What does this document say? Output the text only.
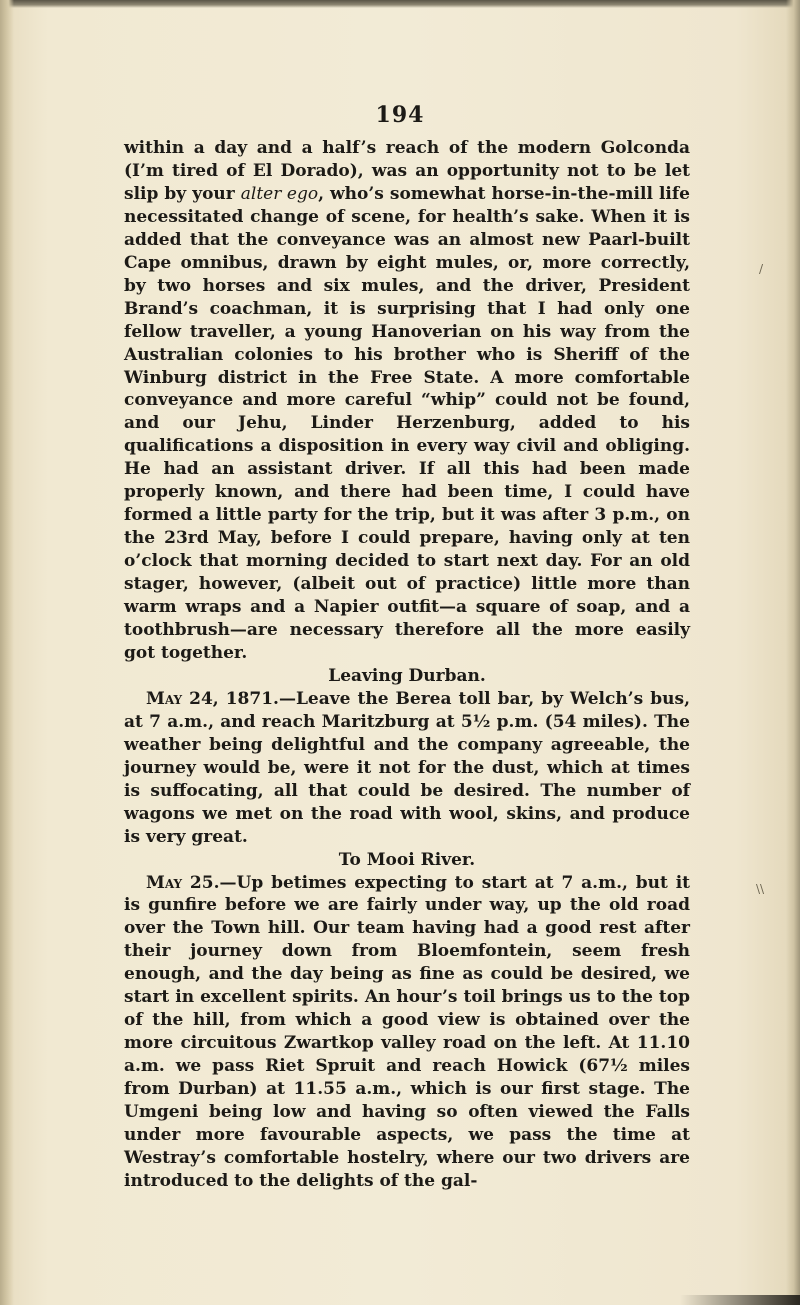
194

within a day and a half’s reach of the modern Golconda (I’m tired of El Dorado), was an opportunity not to be let slip by your alter ego, who’s somewhat horse-in-the-mill life necessitated change of scene, for health’s sake. When it is added that the conveyance was an almost new Paarl-built Cape omnibus, drawn by eight mules, or, more correctly, by two horses and six mules, and the driver, President Brand’s coachman, it is surprising that I had only one fellow traveller, a young Hanoverian on his way from the Australian colonies to his brother who is Sheriff of the Winburg district in the Free State. A more comfortable conveyance and more careful “whip” could not be found, and our Jehu, Linder Herzenburg, added to his qualifications a disposition in every way civil and obliging. He had an assistant driver. If all this had been made properly known, and there had been time, I could have formed a little party for the trip, but it was after 3 p.m., on the 23rd May, before I could prepare, having only at ten o’clock that morning decided to start next day. For an old stager, however, (albeit out of practice) little more than warm wraps and a Napier outfit—a square of soap, and a toothbrush—are necessary therefore all the more easily got together.

Leaving Durban.

May 24, 1871.—Leave the Berea toll bar, by Welch’s bus, at 7 a.m., and reach Maritzburg at 5½ p.m. (54 miles). The weather being delightful and the company agreeable, the journey would be, were it not for the dust, which at times is suffocating, all that could be desired. The number of wagons we met on the road with wool, skins, and produce is very great.

To Mooi River.

May 25.—Up betimes expecting to start at 7 a.m., but it is gunfire before we are fairly under way, up the old road over the Town hill. Our team having had a good rest after their journey down from Bloemfontein, seem fresh enough, and the day being as fine as could be desired, we start in excellent spirits. An hour’s toil brings us to the top of the hill, from which a good view is obtained over the more circuitous Zwartkop valley road on the left. At 11.10 a.m. we pass Riet Spruit and reach Howick (67½ miles from Durban) at 11.55 a.m., which is our first stage. The Umgeni being low and having so often viewed the Falls under more favourable aspects, we pass the time at Westray’s comfortable hostelry, where our two drivers are introduced to the delights of the gal-

/
\\
